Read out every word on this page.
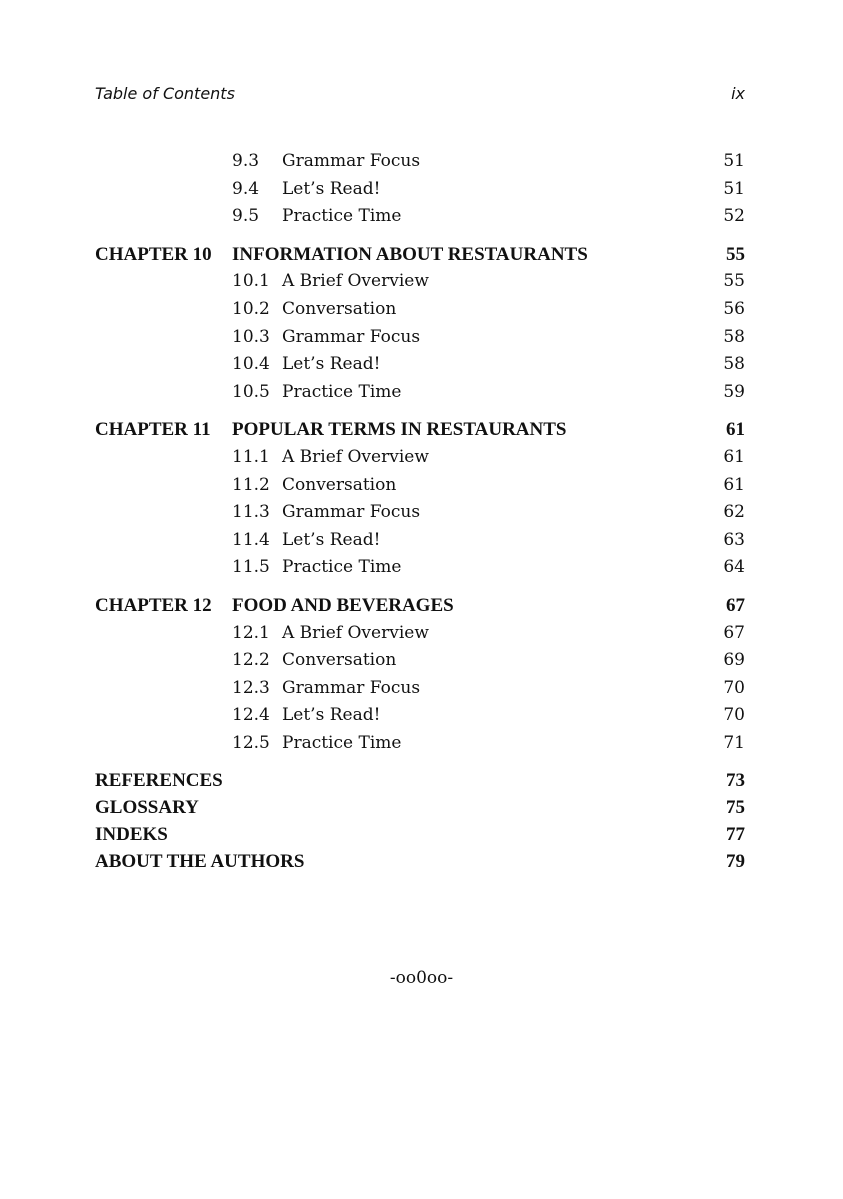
Table of Contents	ix
9.3 Grammar Focus	51
9.4 Let’s Read!	51
9.5 Practice Time	52
CHAPTER 10 INFORMATION ABOUT RESTAURANTS	55
10.1 A Brief Overview	55
10.2 Conversation	56
10.3 Grammar Focus	58
10.4 Let’s Read!	58
10.5 Practice Time	59
CHAPTER 11 POPULAR TERMS IN RESTAURANTS	61
11.1 A Brief Overview	61
11.2 Conversation	61
11.3 Grammar Focus	62
11.4 Let’s Read!	63
11.5 Practice Time	64
CHAPTER 12 FOOD AND BEVERAGES	67
12.1 A Brief Overview	67
12.2 Conversation	69
12.3 Grammar Focus	70
12.4 Let’s Read!	70
12.5 Practice Time	71
REFERENCES	73
GLOSSARY	75
INDEKS	77
ABOUT THE AUTHORS	79
-oo0oo-
